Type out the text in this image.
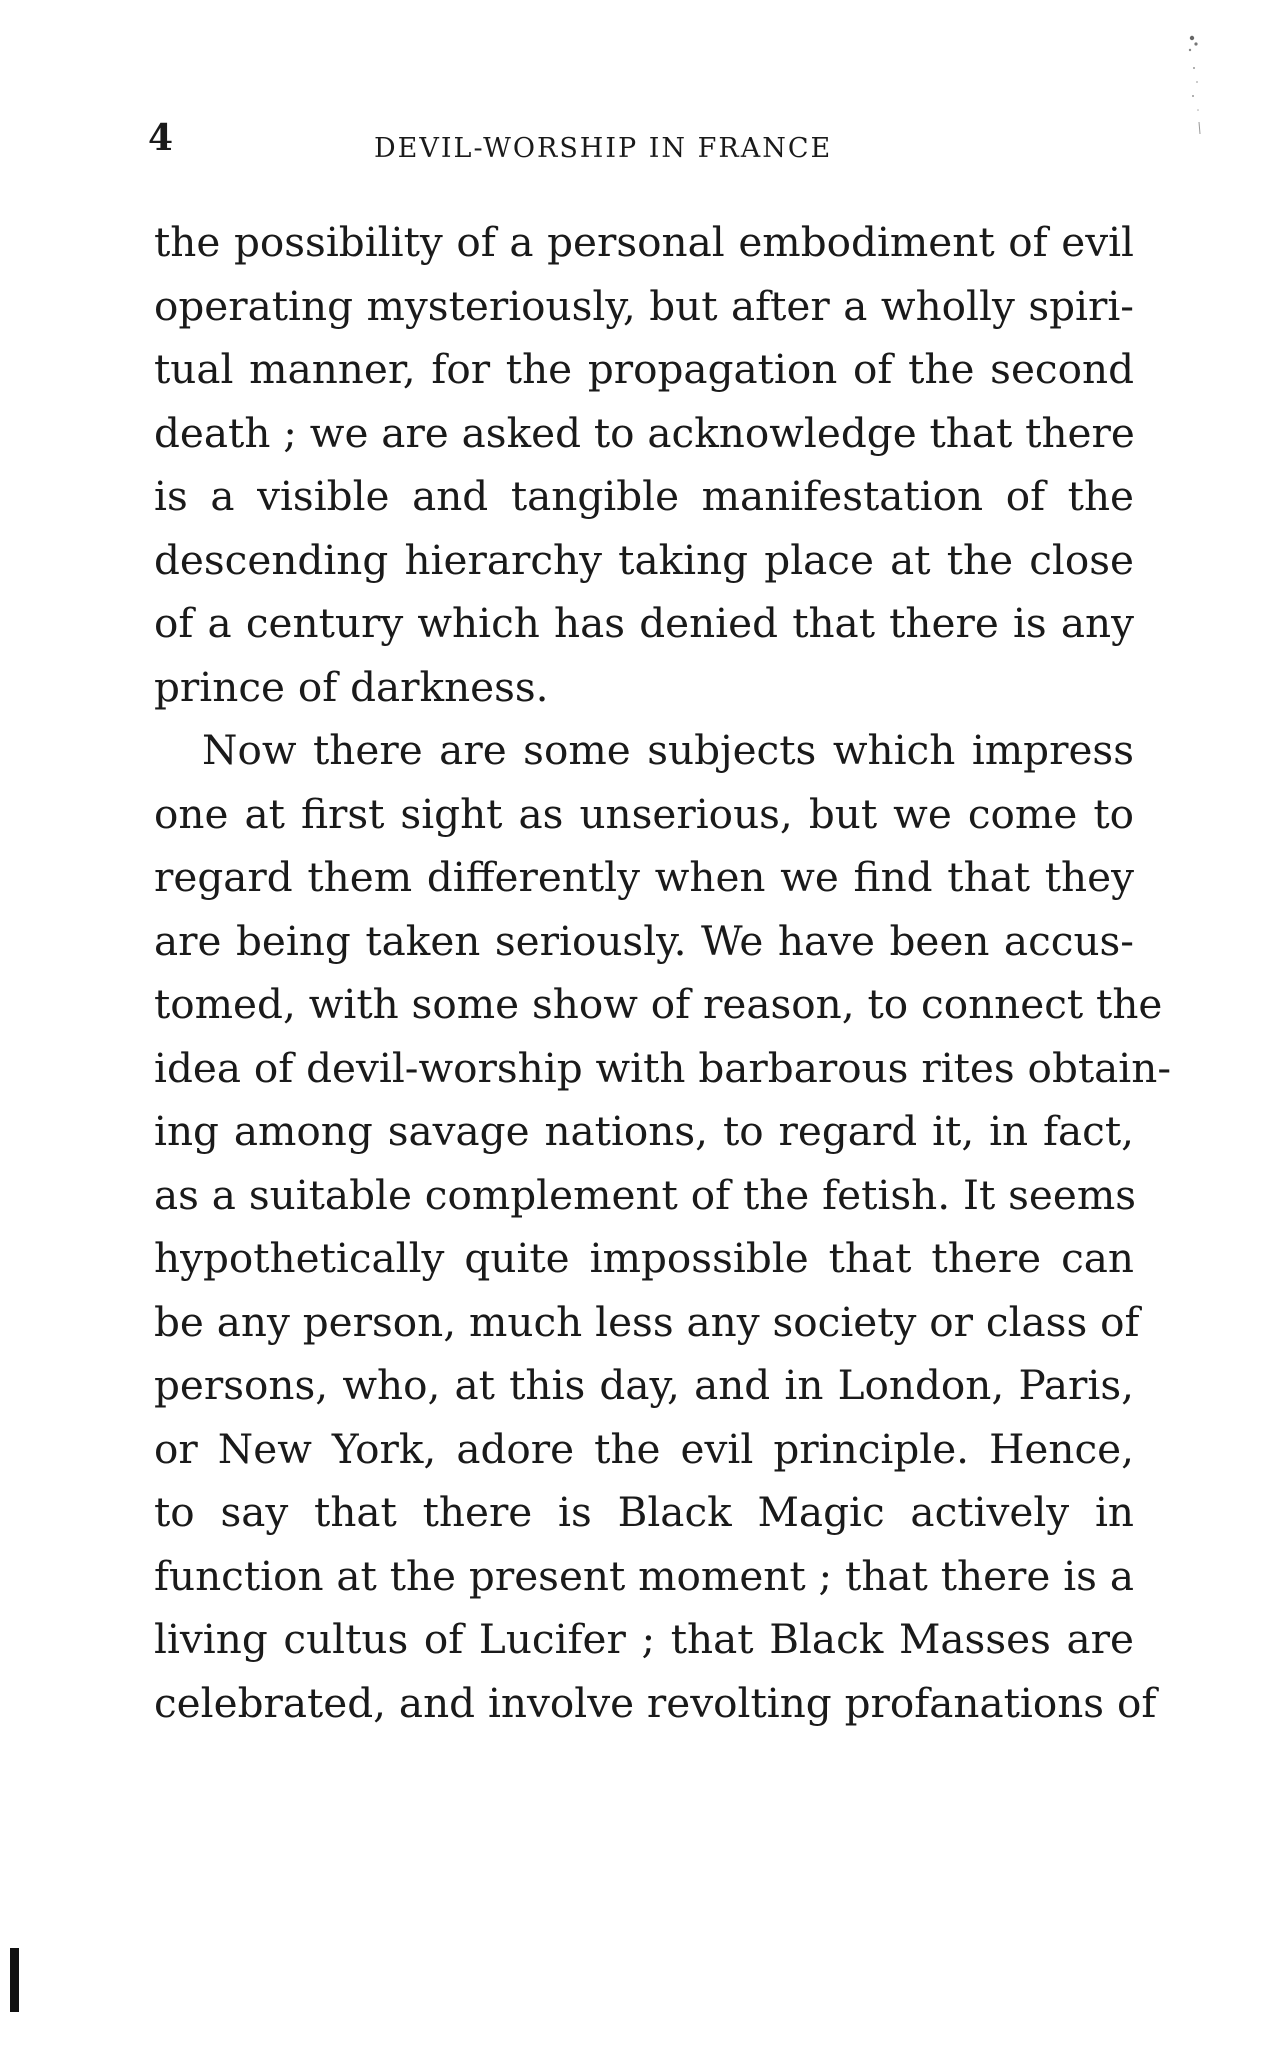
4	DEVIL-WORSHIP IN FRANCE
the possibility of a personal embodiment of evil
operating mysteriously, but after a wholly spiri-
tual manner, for the propagation of the second
death ; we are asked to acknowledge that there
is a visible and tangible manifestation of the
descending hierarchy taking place at the close
of a century which has denied that there is any
prince of darkness.
Now there are some subjects which impress
one at first sight as unserious, but we come to
regard them differently when we find that they
are being taken seriously. We have been accus-
tomed, with some show of reason, to connect the
idea of devil-worship with barbarous rites obtain-
ing among savage nations, to regard it, in fact,
as a suitable complement of the fetish. It seems
hypothetically quite impossible that there can
be any person, much less any society or class of
persons, who, at this day, and in London, Paris,
or New York, adore the evil principle. Hence,
to say that there is Black Magic actively in
function at the present moment ; that there is a
living cultus of Lucifer ; that Black Masses are
celebrated, and involve revolting profanations of
